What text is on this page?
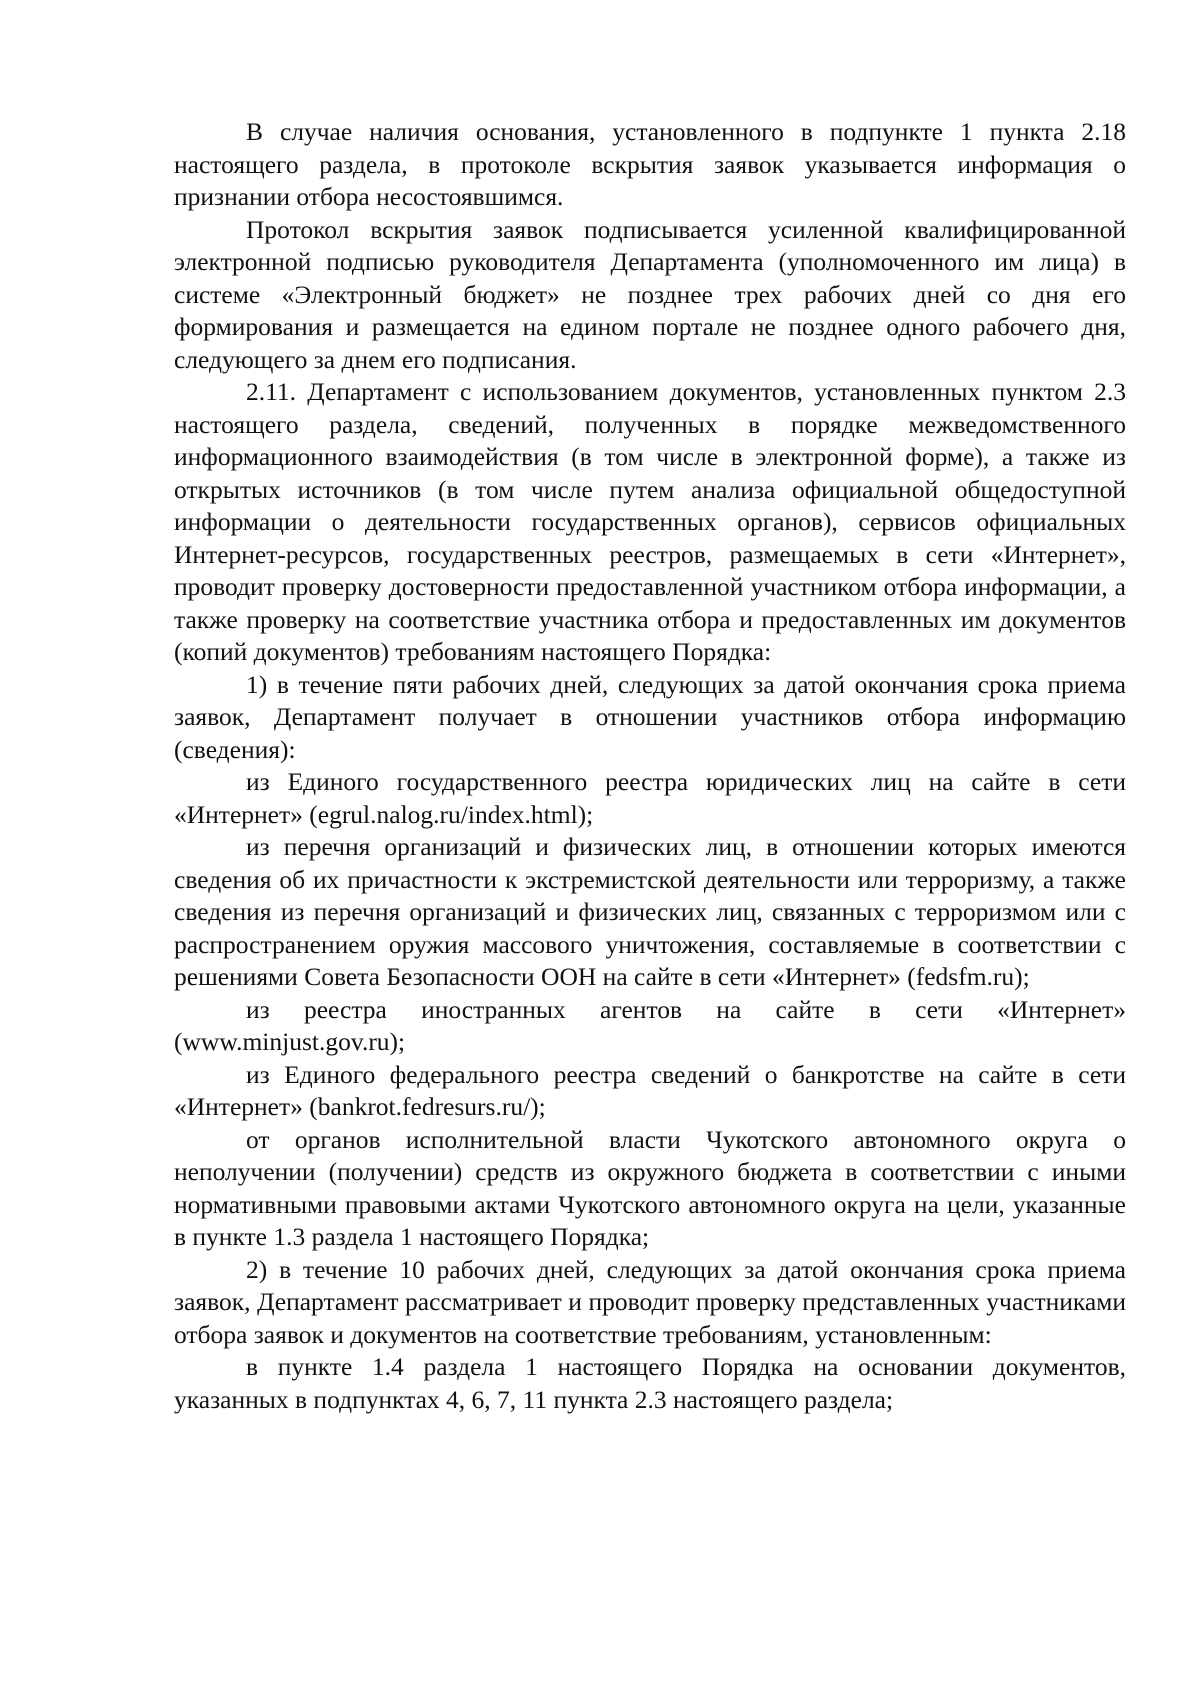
В случае наличия основания, установленного в подпункте 1 пункта 2.18 настоящего раздела, в протоколе вскрытия заявок указывается информация о признании отбора несостоявшимся.

Протокол вскрытия заявок подписывается усиленной квалифицированной электронной подписью руководителя Департамента (уполномоченного им лица) в системе «Электронный бюджет» не позднее трех рабочих дней со дня его формирования и размещается на едином портале не позднее одного рабочего дня, следующего за днем его подписания.

2.11. Департамент с использованием документов, установленных пунктом 2.3 настоящего раздела, сведений, полученных в порядке межведомственного информационного взаимодействия (в том числе в электронной форме), а также из открытых источников (в том числе путем анализа официальной общедоступной информации о деятельности государственных органов), сервисов официальных Интернет-ресурсов, государственных реестров, размещаемых в сети «Интернет», проводит проверку достоверности предоставленной участником отбора информации, а также проверку на соответствие участника отбора и предоставленных им документов (копий документов) требованиям настоящего Порядка:

1) в течение пяти рабочих дней, следующих за датой окончания срока приема заявок, Департамент получает в отношении участников отбора информацию (сведения):

из Единого государственного реестра юридических лиц на сайте в сети «Интернет» (egrul.nalog.ru/index.html);

из перечня организаций и физических лиц, в отношении которых имеются сведения об их причастности к экстремистской деятельности или терроризму, а также сведения из перечня организаций и физических лиц, связанных с терроризмом или с распространением оружия массового уничтожения, составляемые в соответствии с решениями Совета Безопасности ООН на сайте в сети «Интернет» (fedsfm.ru);

из реестра иностранных агентов на сайте в сети «Интернет» (www.minjust.gov.ru);

из Единого федерального реестра сведений о банкротстве на сайте в сети «Интернет» (bankrot.fedresurs.ru/);

от органов исполнительной власти Чукотского автономного округа о неполучении (получении) средств из окружного бюджета в соответствии с иными нормативными правовыми актами Чукотского автономного округа на цели, указанные в пункте 1.3 раздела 1 настоящего Порядка;

2) в течение 10 рабочих дней, следующих за датой окончания срока приема заявок, Департамент рассматривает и проводит проверку представленных участниками отбора заявок и документов на соответствие требованиям, установленным:

в пункте 1.4 раздела 1 настоящего Порядка на основании документов, указанных в подпунктах 4, 6, 7, 11 пункта 2.3 настоящего раздела;
